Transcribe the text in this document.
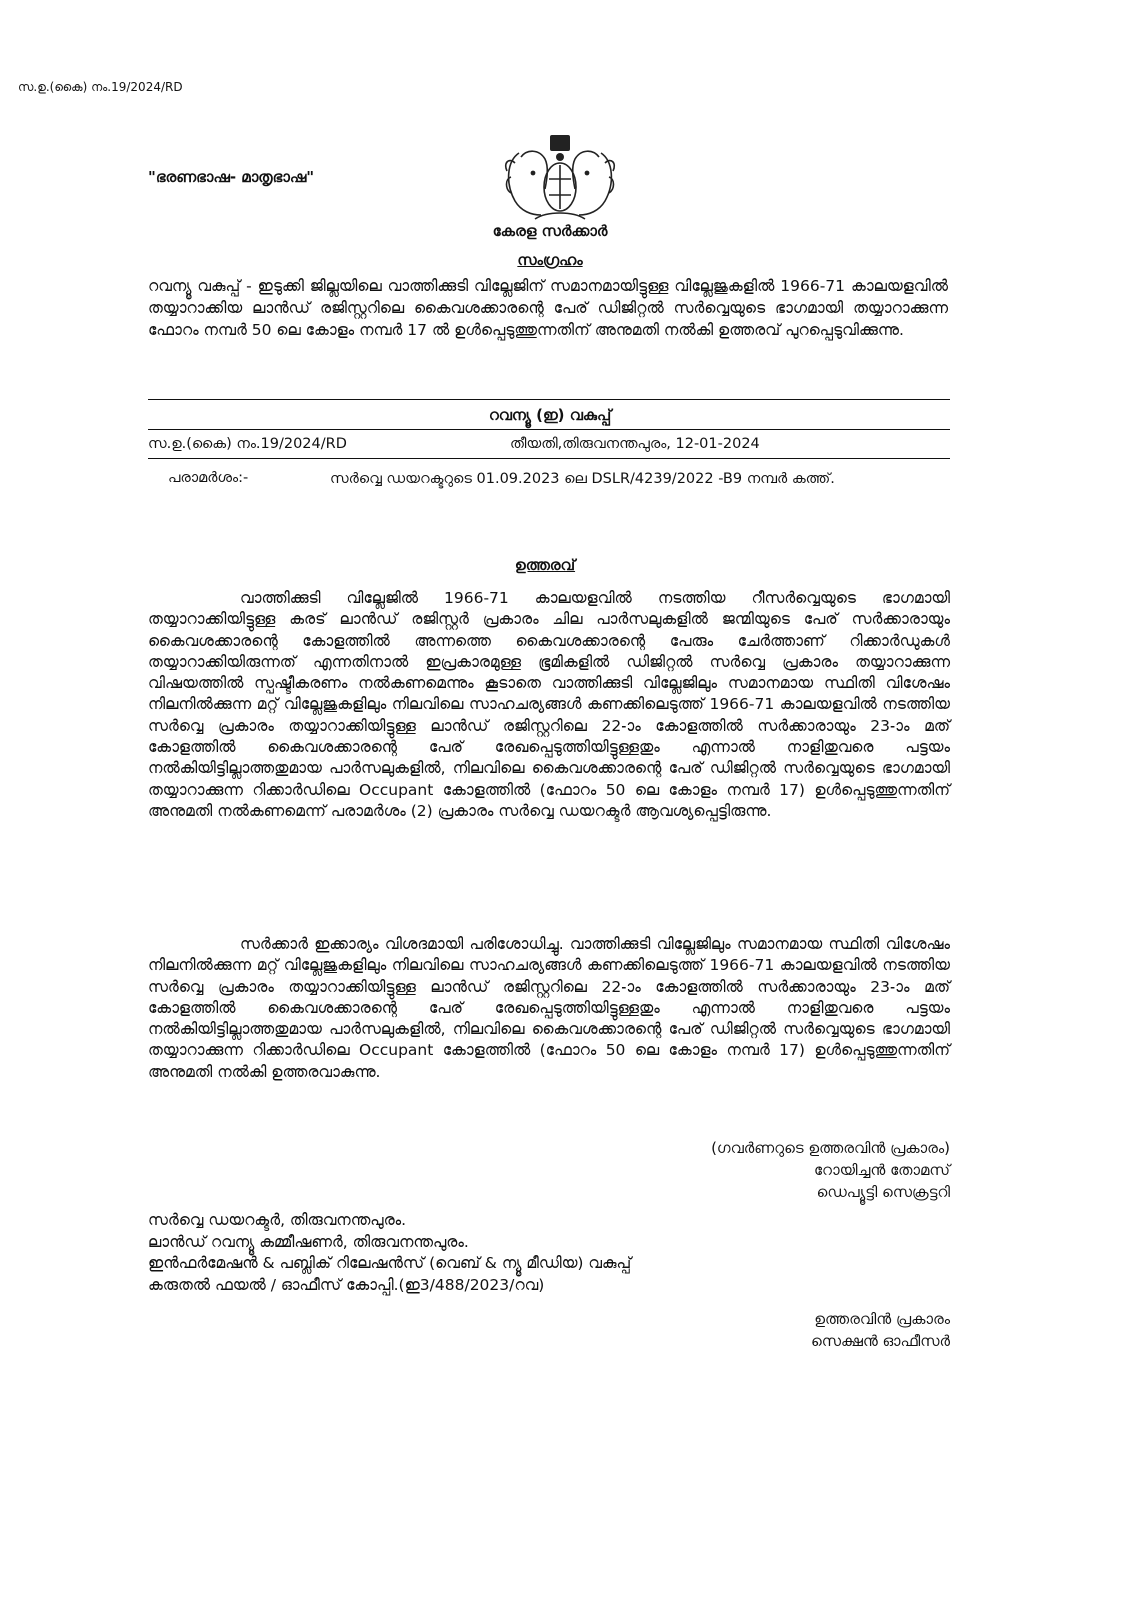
സ.ഉ.(കൈ) നം.19/2024/RD
"ഭരണഭാഷ- മാതൃഭാഷ"
കേരള സർക്കാർ
സംഗ്രഹം
റവന്യൂ വകുപ്പ് - ഇടുക്കി ജില്ലയിലെ വാത്തിക്കുടി വില്ലേജിന് സമാനമായിട്ടുള്ള വില്ലേജുകളിൽ 1966-71 കാലയളവിൽ തയ്യാറാക്കിയ ലാൻഡ് രജിസ്റ്ററിലെ കൈവശക്കാരന്റെ പേര് ഡിജിറ്റൽ സർവ്വെയുടെ ഭാഗമായി തയ്യാറാക്കുന്ന ഫോറം നമ്പർ 50 ലെ കോളം നമ്പർ 17 ൽ ഉൾപ്പെടുത്തുന്നതിന് അനുമതി നൽകി ഉത്തരവ് പുറപ്പെടുവിക്കുന്നു.
റവന്യൂ (ഇ) വകുപ്പ്
സ.ഉ.(കൈ) നം.19/2024/RD	തീയതി,തിരുവനന്തപുരം, 12-01-2024
പരാമർശം:-	സർവ്വെ ഡയറക്ടറുടെ 01.09.2023 ലെ DSLR/4239/2022 -B9 നമ്പർ കത്ത്.
ഉത്തരവ്

വാത്തിക്കുടി വില്ലേജിൽ 1966-71 കാലയളവിൽ നടത്തിയ റീസർവ്വെയുടെ ഭാഗമായി തയ്യാറാക്കിയിട്ടുള്ള കരട് ലാൻഡ് രജിസ്റ്റർ പ്രകാരം ചില പാർസലുകളിൽ ജന്മിയുടെ പേര് സർക്കാരായും കൈവശക്കാരന്റെ കോളത്തിൽ അന്നത്തെ കൈവശക്കാരന്റെ പേരും ചേർത്താണ് റിക്കാർഡുകൾ തയ്യാറാക്കിയിരുന്നത് എന്നതിനാൽ ഇപ്രകാരമുള്ള ഭൂമികളിൽ ഡിജിറ്റൽ സർവ്വെ പ്രകാരം തയ്യാറാക്കുന്ന വിഷയത്തിൽ സ്പഷ്ടീകരണം നൽകണമെന്നും കൂടാതെ വാത്തിക്കുടി വില്ലേജിലും സമാനമായ സ്ഥിതി വിശേഷം നിലനിൽക്കുന്ന മറ്റ് വില്ലേജുകളിലും നിലവിലെ സാഹചര്യങ്ങൾ കണക്കിലെടുത്ത് 1966-71 കാലയളവിൽ നടത്തിയ സർവ്വെ പ്രകാരം തയ്യാറാക്കിയിട്ടുള്ള ലാൻഡ് രജിസ്റ്ററിലെ 22-ാം കോളത്തിൽ സർക്കാരായും 23-ാം മത് കോളത്തിൽ കൈവശക്കാരന്റെ പേര് രേഖപ്പെടുത്തിയിട്ടുള്ളതും എന്നാൽ നാളിതുവരെ പട്ടയം നൽകിയിട്ടില്ലാത്തതുമായ പാർസലുകളിൽ, നിലവിലെ കൈവശക്കാരന്റെ പേര് ഡിജിറ്റൽ സർവ്വെയുടെ ഭാഗമായി തയ്യാറാക്കുന്ന റിക്കാർഡിലെ Occupant കോളത്തിൽ (ഫോറം 50 ലെ കോളം നമ്പർ 17) ഉൾപ്പെടുത്തുന്നതിന് അനുമതി നൽകണമെന്ന് പരാമർശം (2) പ്രകാരം സർവ്വെ ഡയറക്ടർ ആവശ്യപ്പെട്ടിരുന്നു.

സർക്കാർ ഇക്കാര്യം വിശദമായി പരിശോധിച്ചു. വാത്തിക്കുടി വില്ലേജിലും സമാനമായ സ്ഥിതി വിശേഷം നിലനിൽക്കുന്ന മറ്റ് വില്ലേജുകളിലും നിലവിലെ സാഹചര്യങ്ങൾ കണക്കിലെടുത്ത് 1966-71 കാലയളവിൽ നടത്തിയ സർവ്വെ പ്രകാരം തയ്യാറാക്കിയിട്ടുള്ള ലാൻഡ് രജിസ്റ്ററിലെ 22-ാം കോളത്തിൽ സർക്കാരായും 23-ാം മത് കോളത്തിൽ കൈവശക്കാരന്റെ പേര് രേഖപ്പെടുത്തിയിട്ടുള്ളതും എന്നാൽ നാളിതുവരെ പട്ടയം നൽകിയിട്ടില്ലാത്തതുമായ പാർസലുകളിൽ, നിലവിലെ കൈവശക്കാരന്റെ പേര് ഡിജിറ്റൽ സർവ്വെയുടെ ഭാഗമായി തയ്യാറാക്കുന്ന റിക്കാർഡിലെ Occupant കോളത്തിൽ (ഫോറം 50 ലെ കോളം നമ്പർ 17) ഉൾപ്പെടുത്തുന്നതിന് അനുമതി നൽകി ഉത്തരവാകുന്നു.

(ഗവർണറുടെ ഉത്തരവിൻ പ്രകാരം)
റോയിച്ചൻ തോമസ്
ഡെപ്യൂട്ടി സെക്രട്ടറി
സർവ്വെ ഡയറക്ടർ, തിരുവനന്തപുരം.
ലാൻഡ് റവന്യൂ കമ്മീഷണർ, തിരുവനന്തപുരം.
ഇൻഫർമേഷൻ & പബ്ലിക് റിലേഷൻസ് (വെബ് & ന്യൂ മീഡിയ) വകുപ്പ്
കരുതൽ ഫയൽ / ഓഫീസ് കോപ്പി.(ഇ3/488/2023/റവ)
ഉത്തരവിൻ പ്രകാരം
സെക്ഷൻ ഓഫീസർ
